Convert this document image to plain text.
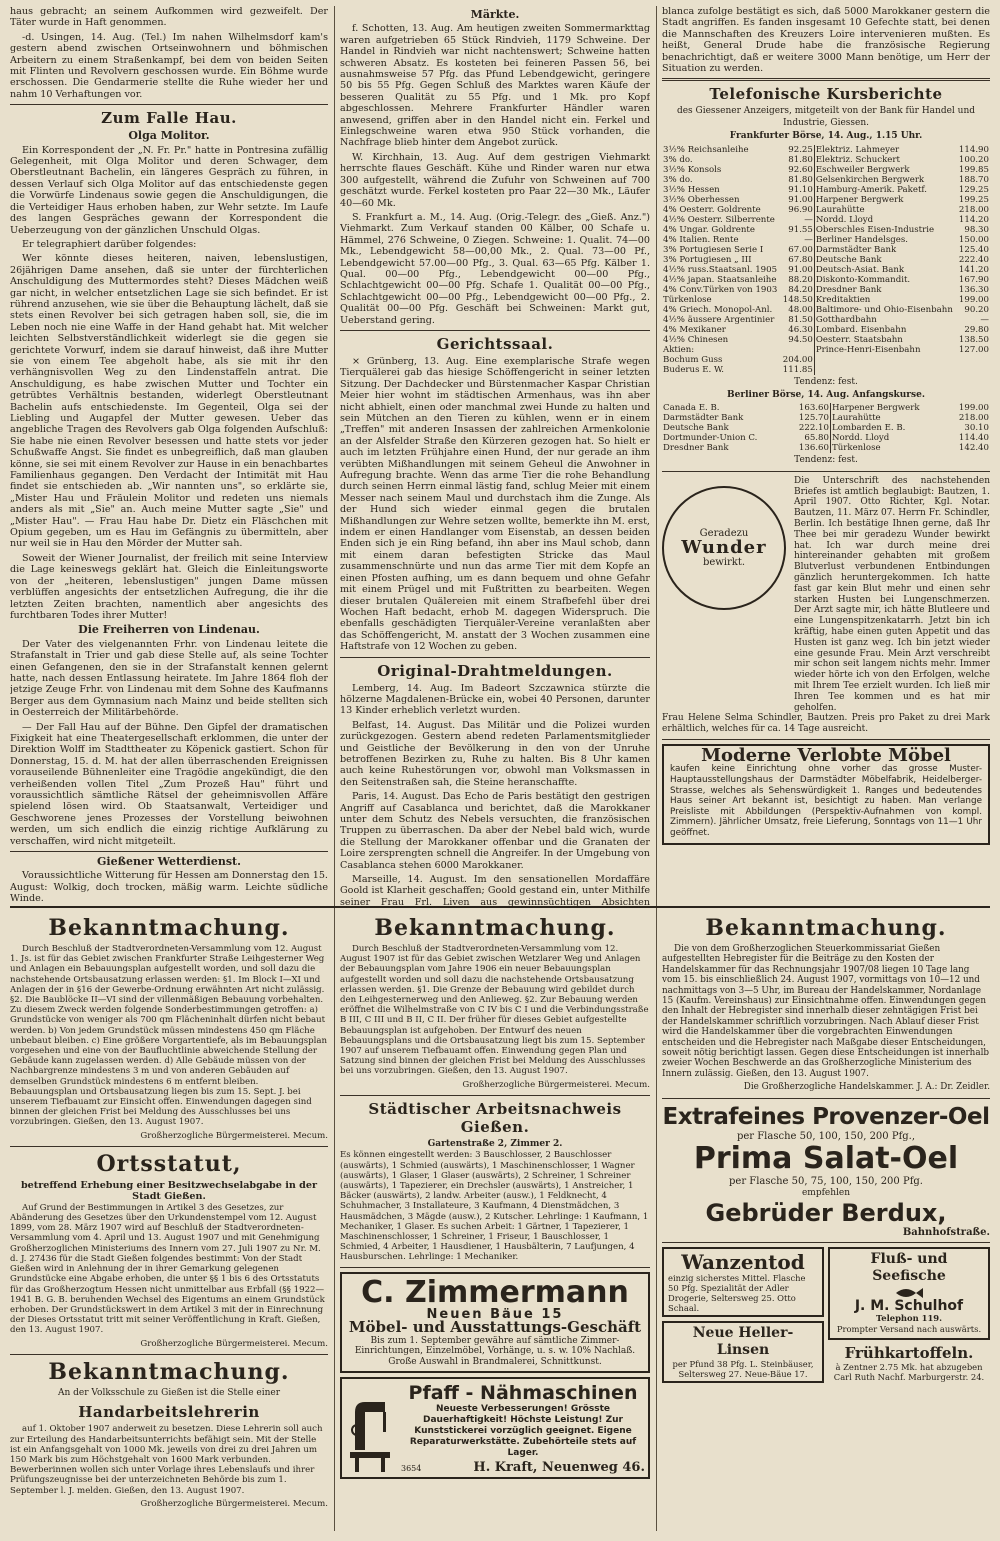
haus gebracht; an seinem Aufkommen wird gezweifelt. Der Täter wurde in Haft genommen.

-d. Usingen, 14. Aug. (Tel.) Im nahen Wilhelmsdorf kam's gestern abend zwischen Ortseinwohnern und böhmischen Arbeitern zu einem Straßenkampf, bei dem von beiden Seiten mit Flinten und Revolvern geschossen wurde. Ein Böhme wurde erschossen. Die Gendarmerie stellte die Ruhe wieder her und nahm 10 Verhaftungen vor.

Zum Falle Hau.
Olga Molitor.

Ein Korrespondent der „N. Fr. Pr." hatte in Pontresina zufällig Gelegenheit, mit Olga Molitor und deren Schwager, dem Oberstleutnant Bachelin, ein längeres Gespräch zu führen, in dessen Verlauf sich Olga Molitor auf das entschiedenste gegen die Vorwürfe Lindenaus sowie gegen die Anschuldigungen, die die Verteidiger Haus erhoben haben, zur Wehr setzte. Im Laufe des langen Gespräches gewann der Korrespondent die Ueberzeugung von der gänzlichen Unschuld Olgas.

Er telegraphiert darüber folgendes:

Wer könnte dieses heiteren, naiven, lebenslustigen, 26jährigen Dame ansehen, daß sie unter der fürchterlichen Anschuldigung des Muttermordes steht? Dieses Mädchen weiß gar nicht, in welcher entsetzlichen Lage sie sich befindet. Er ist rührend anzusehen, wie sie über die Behauptung lächelt, daß sie stets einen Revolver bei sich getragen haben soll, sie, die im Leben noch nie eine Waffe in der Hand gehabt hat. Mit welcher leichten Selbstverständlichkeit widerlegt sie die gegen sie gerichtete Vorwurf, indem sie darauf hinweist, daß ihre Mutter sie von einem Tee abgeholt habe, als sie mit ihr den verhängnisvollen Weg zu den Lindenstaffeln antrat. Die Anschuldigung, es habe zwischen Mutter und Tochter ein getrübtes Verhältnis bestanden, widerlegt Oberstleutnant Bachelin aufs entschiedenste. Im Gegenteil, Olga sei der Liebling und Augapfel der Mutter gewesen. Ueber das angebliche Tragen des Revolvers gab Olga folgenden Aufschluß: Sie habe nie einen Revolver besessen und hatte stets vor jeder Schußwaffe Angst. Sie findet es unbegreiflich, daß man glauben könne, sie sei mit einem Revolver zur Hause in ein benachbartes Familienhaus gegangen. Den Verdacht der Intimität mit Hau findet sie entschieden ab. „Wir nannten uns", so erklärte sie, „Mister Hau und Fräulein Molitor und redeten uns niemals anders als mit „Sie" an. Auch meine Mutter sagte „Sie" und „Mister Hau". — Frau Hau habe Dr. Dietz ein Fläschchen mit Opium gegeben, um es Hau im Gefängnis zu übermitteln, aber nur weil sie in Hau den Mörder der Mutter sah.

Soweit der Wiener Journalist, der freilich mit seine Interview die Lage keineswegs geklärt hat. Gleich die Einleitungsworte von der „heiteren, lebenslustigen" jungen Dame müssen verblüffen angesichts der entsetzlichen Aufregung, die ihr die letzten Zeiten brachten, namentlich aber angesichts des furchtbaren Todes ihrer Mutter!

Die Freiherren von Lindenau.

Der Vater des vielgenannten Frhr. von Lindenau leitete die Strafanstalt in Trier und gab diese Stelle auf, als seine Tochter einen Gefangenen, den sie in der Strafanstalt kennen gelernt hatte, nach dessen Entlassung heiratete. Im Jahre 1864 floh der jetzige Zeuge Frhr. von Lindenau mit dem Sohne des Kaufmanns Berger aus dem Gymnasium nach Mainz und beide stellten sich in Oesterreich der Militärbehörde.

— Der Fall Hau auf der Bühne. Den Gipfel der dramatischen Fixigkeit hat eine Theatergesellschaft erklommen, die unter der Direktion Wolff im Stadttheater zu Köpenick gastiert. Schon für Donnerstag, 15. d. M. hat der allen überraschenden Ereignissen vorauseilende Bühnenleiter eine Tragödie angekündigt, die den verheißenden vollen Titel „Zum Prozeß Hau" führt und voraussichtlich sämtliche Rätsel der geheimnisvollen Affäre spielend lösen wird. Ob Staatsanwalt, Verteidiger und Geschworene jenes Prozesses der Vorstellung beiwohnen werden, um sich endlich die einzig richtige Aufklärung zu verschaffen, wird nicht mitgeteilt.

Gießener Wetterdienst.

Voraussichtliche Witterung für Hessen am Donnerstag den 15. August: Wolkig, doch trocken, mäßig warm. Leichte südliche Winde.

Märkte.

f. Schotten, 13. Aug. Am heutigen zweiten Sommermarkttag waren aufgetrieben 65 Stück Rindvieh, 1179 Schweine. Der Handel in Rindvieh war nicht nachtenswert; Schweine hatten schweren Absatz. Es kosteten bei feineren Passen 56, bei ausnahmsweise 57 Pfg. das Pfund Lebendgewicht, geringere 50 bis 55 Pfg. Gegen Schluß des Marktes waren Käufe der besseren Qualität zu 55 Pfg. und 1 Mk. pro Kopf abgeschlossen. Mehrere Frankfurter Händler waren anwesend, griffen aber in den Handel nicht ein. Ferkel und Einlegschweine waren etwa 950 Stück vorhanden, die Nachfrage blieb hinter dem Angebot zurück.

W. Kirchhain, 13. Aug. Auf dem gestrigen Viehmarkt herrschte flaues Geschäft. Kühe und Rinder waren nur etwa 300 aufgestellt, während die Zufuhr von Schweinen auf 700 geschätzt wurde. Ferkel kosteten pro Paar 22—30 Mk., Läufer 40—60 Mk.

S. Frankfurt a. M., 14. Aug. (Orig.-Telegr. des „Gieß. Anz.") Viehmarkt. Zum Verkauf standen 00 Kälber, 00 Schafe u. Hämmel, 276 Schweine, 0 Ziegen. Schweine: 1. Qualit. 74—00 Mk., Lebendgewicht 58—00,00 Mk., 2. Qual. 73—00 Pf., Lebendgewicht 57.00—00 Pfg., 3. Qual. 63—65 Pfg. Kälber 1. Qual. 00—00 Pfg., Lebendgewicht 00—00 Pfg., Schlachtgewicht 00—00 Pfg. Schafe 1. Qualität 00—00 Pfg., Schlachtgewicht 00—00 Pfg., Lebendgewicht 00—00 Pfg., 2. Qualität 00—00 Pfg. Geschäft bei Schweinen: Markt gut, Ueberstand gering.

Gerichtssaal.

× Grünberg, 13. Aug. Eine exemplarische Strafe wegen Tierquälerei gab das hiesige Schöffengericht in seiner letzten Sitzung. Der Dachdecker und Bürstenmacher Kaspar Christian Meier hier wohnt im städtischen Armenhaus, was ihn aber nicht abhielt, einen oder manchmal zwei Hunde zu halten und sein Mütchen an den Tieren zu kühlen, wenn er in einem „Treffen" mit anderen Insassen der zahlreichen Armenkolonie an der Alsfelder Straße den Kürzeren gezogen hat. So hielt er auch im letzten Frühjahre einen Hund, der nur gerade an ihm verübten Mißhandlungen mit seinem Geheul die Anwohner in Aufregung brachte. Wenn das arme Tier die rohe Behandlung durch seinen Herrn einmal lästig fand, schlug Meier mit einem Messer nach seinem Maul und durchstach ihm die Zunge. Als der Hund sich wieder einmal gegen die brutalen Mißhandlungen zur Wehre setzen wollte, bemerkte ihn M. erst, indem er einen Handlanger vom Eisenstab, an dessen beiden Enden sich je ein Ring befand, ihn aber ins Maul schob, dann mit einem daran befestigten Stricke das Maul zusammenschnürte und nun das arme Tier mit dem Kopfe an einen Pfosten aufhing, um es dann bequem und ohne Gefahr mit einem Prügel und mit Fußtritten zu bearbeiten. Wegen dieser brutalen Quälereien mit einem Strafbefehl über drei Wochen Haft bedacht, erhob M. dagegen Widerspruch. Die ebenfalls geschädigten Tierquäler-Vereine veranlaßten aber das Schöffengericht, M. anstatt der 3 Wochen zusammen eine Haftstrafe von 12 Wochen zu geben.

Original-Drahtmeldungen.

Lemberg, 14. Aug. Im Badeort Szczawnica stürzte die hölzerne Magdalenen-Brücke ein, wobei 40 Personen, darunter 13 Kinder erheblich verletzt wurden.

Belfast, 14. August. Das Militär und die Polizei wurden zurückgezogen. Gestern abend redeten Parlamentsmitglieder und Geistliche der Bevölkerung in den von der Unruhe betroffenen Bezirken zu, Ruhe zu halten. Bis 8 Uhr kamen auch keine Ruhestörungen vor, obwohl man Volksmassen in den Seitenstraßen sah, die Steine heranschaffte.

Paris, 14. August. Das Echo de Paris bestätigt den gestrigen Angriff auf Casablanca und berichtet, daß die Marokkaner unter dem Schutz des Nebels versuchten, die französischen Truppen zu überraschen. Da aber der Nebel bald wich, wurde die Stellung der Marokkaner offenbar und die Granaten der Loire zersprengten schnell die Angreifer. In der Umgebung von Casablanca stehen 6000 Marokkaner.

Marseille, 14. August. Im den sensationellen Mordaffäre Goold ist Klarheit geschaffen; Goold gestand ein, unter Mithilfe seiner Frau Frl. Liven aus gewinnsüchtigen Absichten

blanca zufolge bestätigt es sich, daß 5000 Marokkaner gestern die Stadt angriffen. Es fanden insgesamt 10 Gefechte statt, bei denen die Mannschaften des Kreuzers Loire intervenieren mußten. Es heißt, General Drude habe die französische Regierung benachrichtigt, daß er weitere 3000 Mann benötige, um Herr der Situation zu werden.

Telefonische Kursberichte
des Giessener Anzeigers, mitgeteilt von der Bank für Handel und Industrie, Giessen.
Frankfurter Börse, 14. Aug., 1.15 Uhr.
3½% Reichsanleihe	92.25	Elektriz. Lahmeyer	114.90
3% do.	81.80	Elektriz. Schuckert	100.20
3½% Konsols	92.60	Eschweiler Bergwerk	199.85
3% do.	81.80	Gelsenkirchen Bergwerk	188.70
3½% Hessen	91.10	Hamburg-Amerik. Paketf.	129.25
3½% Oberhessen	91.00	Harpener Bergwerk	199.25
4% Oesterr. Goldrente	96.90	Laurahütte	218.00
4½% Oesterr. Silberrente	—	Nordd. Lloyd	114.20
4% Ungar. Goldrente	91.55	Oberschles Eisen-Industrie	98.30
4% Italien. Rente	—	Berliner Handelsges.	150.00
3% Portugiesen Serie I	67.00	Darmstädter Bank	125.40
3% Portugiesen „ III	67.80	Deutsche Bank	222.40
4½% russ.Staatsanl. 1905	91.00	Deutsch-Asiat. Bank	141.20
4½% japan. Staatsanleihe	88.20	Diskonto-Kommandit.	167.90
4% Conv.Türken von 1903	84.20	Dresdner Bank	136.30
Türkenlose	148.50	Kreditaktien	199.00
4% Griech. Monopol-Anl.	48.00	Baltimore- und Ohio-Eisenbahn	90.20
4½% äussere Argentinier	81.50	Gotthardbahn	—
4% Mexikaner	46.30	Lombard. Eisenbahn	29.80
4½% Chinesen	94.50	Oesterr. Staatsbahn	138.50
Aktien:		Prince-Henri-Eisenbahn	127.00
Bochum Guss	204.00		
Buderus E. W.	111.85		
Tendenz: fest.
Berliner Börse, 14. Aug. Anfangskurse.
Canada E. B.	163.60	Harpener Bergwerk	199.00
Darmstädter Bank	125.70	Laurahütte	218.00
Deutsche Bank	222.10	Lombarden E. B.	30.10
Dortmunder-Union C.	65.80	Nordd. Lloyd	114.40
Dresdner Bank	136.60	Türkenlose	142.40
Tendenz: fest.
Geradezu
Wunder
bewirkt.
Die Unterschrift des nachstehenden Briefes ist amtlich beglaubigt: Bautzen, 1. April 1907. Otto Richter, Kgl. Notar. Bautzen, 11. März 07. Herrn Fr. Schindler, Berlin. Ich bestätige Ihnen gerne, daß Ihr Thee bei mir geradezu Wunder bewirkt hat. Ich war durch meine drei hintereinander gehabten mit großem Blutverlust verbundenen Entbindungen gänzlich heruntergekommen. Ich hatte fast gar kein Blut mehr und einen sehr starken Husten bei Lungenschmerzen. Der Arzt sagte mir, ich hätte Blutleere und eine Lungenspitzenkatarrh. Jetzt bin ich kräftig, habe einen guten Appetit und das Husten ist ganz weg. Ich bin jetzt wieder eine gesunde Frau. Mein Arzt verschreibt mir schon seit langem nichts mehr. Immer wieder hörte ich von den Erfolgen, welche mit Ihrem Tee erzielt wurden. Ich ließ mir Ihren Tee kommen und es hat mir geholfen.
Frau Helene Selma Schindler, Bautzen. Preis pro Paket zu drei Mark erhältlich, welches für ca. 14 Tage ausreicht.
Moderne Verlobte Möbel
kaufen keine Einrichtung ohne vorher das grosse Muster-Hauptausstellungshaus der Darmstädter Möbelfabrik, Heidelberger-Strasse, welches als Sehenswürdigkeit 1. Ranges und bedeutendes Haus seiner Art bekannt ist, besichtigt zu haben. Man verlange Preisliste mit Abbildungen (Perspektiv-Aufnahmen von kompl. Zimmern). Jährlicher Umsatz, freie Lieferung, Sonntags von 11—1 Uhr geöffnet.
Bekanntmachung.

Durch Beschluß der Stadtverordneten-Versammlung vom 12. August 1. Js. ist für das Gebiet zwischen Frankfurter Straße Leihgesterner Weg und Anlagen ein Bebauungsplan aufgestellt worden, und soll dazu die nachstehende Ortsbausatzung erlassen werden: §1. Im Block I—XI und Anlagen der in §16 der Gewerbe-Ordnung erwähnten Art nicht zulässig. §2. Die Baublöcke II—VI sind der villenmäßigen Bebauung vorbehalten. Zu diesem Zweck werden folgende Sonderbestimmungen getroffen: a) Grundstücke von weniger als 700 qm Flächeninhalt dürfen nicht bebaut werden. b) Von jedem Grundstück müssen mindestens 450 qm Fläche unbebaut bleiben. c) Eine größere Vorgartentiefe, als im Bebauungsplan vorgesehen und eine von der Baufluchtlinie abweichende Stellung der Gebäude kann zugelassen werden. d) Alle Gebäude müssen von der Nachbargrenze mindestens 3 m und von anderen Gebäuden auf demselben Grundstück mindestens 6 m entfernt bleiben. Bebauungsplan und Ortsbausatzung liegen bis zum 15. Sept. J. bei unserem Tiefbauamt zur Einsicht offen. Einwendungen dagegen sind binnen der gleichen Frist bei Meldung des Ausschlusses bei uns vorzubringen. Gießen, den 13. August 1907.

Großherzogliche Bürgermeisterei. Mecum.
Ortsstatut,
betreffend Erhebung einer Besitzwechselabgabe in der Stadt Gießen.

Auf Grund der Bestimmungen in Artikel 3 des Gesetzes, zur Abänderung des Gesetzes über den Urkundenstempel vom 12. August 1899, vom 28. März 1907 wird auf Beschluß der Stadtverordneten-Versammlung vom 4. April und 13. August 1907 und mit Genehmigung Großherzoglichen Ministeriums des Innern vom 27. Juli 1907 zu Nr. M. d. J. 27436 für die Stadt Gießen folgendes bestimmt: Von der Stadt Gießen wird in Anlehnung der in ihrer Gemarkung gelegenen Grundstücke eine Abgabe erhoben, die unter §§ 1 bis 6 des Ortsstatuts für das Großherzogtum Hessen nicht unmittelbar aus Erbfall (§§ 1922—1941 B. G. B. beruhenden Wechsel des Eigentums an einem Grundstück erhoben. Der Grundstückswert in dem Artikel 3 mit der in Einrechnung der Dieses Ortsstatut tritt mit seiner Veröffentlichung in Kraft. Gießen, den 13. August 1907.

Großherzogliche Bürgermeisterei. Mecum.
Bekanntmachung.
An der Volksschule zu Gießen ist die Stelle einer
Handarbeitslehrerin

auf 1. Oktober 1907 anderweit zu besetzen. Diese Lehrerin soll auch zur Erteilung des Handarbeitsunterrichts befähigt sein. Mit der Stelle ist ein Anfangsgehalt von 1000 Mk. jeweils von drei zu drei Jahren um 150 Mark bis zum Höchstgehalt von 1600 Mark verbunden. Bewerberinnen wollen sich unter Vorlage ihres Lebenslaufs und ihrer Prüfungszeugnisse bei der unterzeichneten Behörde bis zum 1. September l. J. melden. Gießen, den 13. August 1907.

Großherzogliche Bürgermeisterei. Mecum.
Bekanntmachung.

Durch Beschluß der Stadtverordneten-Versammlung vom 12. August 1907 ist für das Gebiet zwischen Wetzlarer Weg und Anlagen der Bebauungsplan vom Jahre 1906 ein neuer Bebauungsplan aufgestellt worden und soll dazu die nachstehende Ortsbausatzung erlassen werden. §1. Die Grenze der Bebauung wird gebildet durch den Leihgesternerweg und den Anlieweg. §2. Zur Bebauung werden eröffnet die Wilhelmstraße von C IV bis C I und die Verbindungsstraße B III, C III und B II, C II. Der früher für dieses Gebiet aufgestellte Bebauungsplan ist aufgehoben. Der Entwurf des neuen Bebauungsplans und die Ortsbausatzung liegt bis zum 15. September 1907 auf unserem Tiefbauamt offen. Einwendung gegen Plan und Satzung sind binnen der gleichen Frist bei Meldung des Ausschlusses bei uns vorzubringen. Gießen, den 13. August 1907.

Großherzogliche Bürgermeisterei. Mecum.
Städtischer Arbeitsnachweis Gießen.
Gartenstraße 2, Zimmer 2.

Es können eingestellt werden: 3 Bauschlosser, 2 Bauschlosser (auswärts), 1 Schmied (auswärts), 1 Maschinenschlosser, 1 Wagner (auswärts), 1 Glaser, 1 Glaser (auswärts), 2 Schreiner, 1 Schreiner (auswärts), 1 Tapezierer, ein Drechsler (auswärts), 1 Anstreicher, 1 Bäcker (auswärts), 2 landw. Arbeiter (ausw.), 1 Feldknecht, 4 Schuhmacher, 3 Installateure, 3 Kaufmann, 4 Dienstmädchen, 3 Hausmädchen, 3 Mägde (ausw.), 2 Kutscher. Lehrlinge: 1 Kaufmann, 1 Mechaniker, 1 Glaser. Es suchen Arbeit: 1 Gärtner, 1 Tapezierer, 1 Maschinenschlosser, 1 Schreiner, 1 Friseur, 1 Bauschlosser, 1 Schmied, 4 Arbeiter, 1 Hausdiener, 1 Hausbälterin, 7 Laufjungen, 4 Hausburschen. Lehrlinge: 1 Mechaniker.

C. Zimmermann
Neuen Bäue 15
Möbel- und Ausstattungs-Geschäft
Bis zum 1. September gewähre auf sämtliche Zimmer-Einrichtungen, Einzelmöbel, Vorhänge, u. s. w. 10% Nachlaß. Große Auswahl in Brandmalerei, Schnittkunst.
Pfaff - Nähmaschinen
Neueste Verbesserungen! Grösste Dauerhaftigkeit! Höchste Leistung! Zur Kunststickerei vorzüglich geeignet. Eigene Reparaturwerkstätte. Zubehörteile stets auf Lager.
3654	H. Kraft, Neuenweg 46.
Bekanntmachung.

Die von dem Großherzoglichen Steuerkommissariat Gießen aufgestellten Hebregister für die Beiträge zu den Kosten der Handelskammer für das Rechnungsjahr 1907/08 liegen 10 Tage lang vom 15. bis einschließlich 24. August 1907, vormittags von 10—12 und nachmittags von 3—5 Uhr, im Bureau der Handelskammer, Nordanlage 15 (Kaufm. Vereinshaus) zur Einsichtnahme offen. Einwendungen gegen den Inhalt der Hebregister sind innerhalb dieser zehntägigen Frist bei der Handelskammer schriftlich vorzubringen. Nach Ablauf dieser Frist wird die Handelskammer über die vorgebrachten Einwendungen entscheiden und die Hebregister nach Maßgabe dieser Entscheidungen, soweit nötig berichtigt lassen. Gegen diese Entscheidungen ist innerhalb zweier Wochen Beschwerde an das Großherzogliche Ministerium des Innern zulässig. Gießen, den 13. August 1907.

Die Großherzogliche Handelskammer. J. A.: Dr. Zeidler.
Extrafeines Provenzer-Oel
per Flasche 50, 100, 150, 200 Pfg.,
Prima Salat-Oel
per Flasche 50, 75, 100, 150, 200 Pfg.
empfehlen
Gebrüder Berdux,
Bahnhofstraße.
Wanzentod
einzig sicherstes Mittel. Flasche 50 Pfg. Spezialität der Adler Drogerie, Seltersweg 25. Otto Schaal.
Neue Heller-Linsen
per Pfund 38 Pfg. L. Steinbäuser, Seltersweg 27. Neue-Bäue 17.
Fluß- und Seefische
J. M. Schulhof
Telephon 119.
Prompter Versand nach auswärts.
Frühkartoffeln.
à Zentner 2.75 Mk. hat abzugeben Carl Ruth Nachf. Marburgerstr. 24.
